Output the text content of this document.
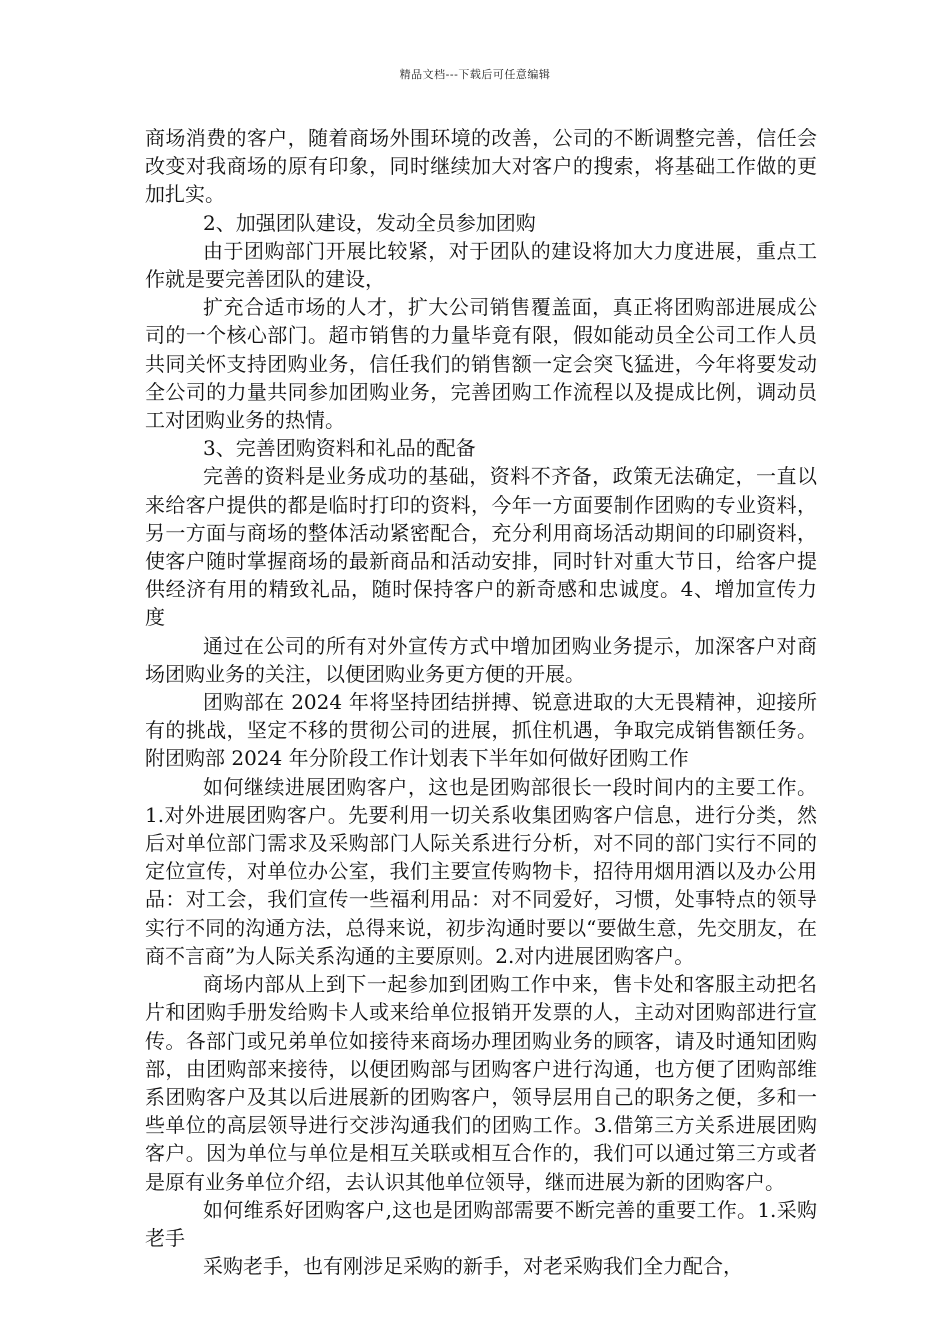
精品文档---下载后可任意编辑

商场消费的客户，随着商场外围环境的改善，公司的不断调整完善，信任会改变对我商场的原有印象，同时继续加大对客户的搜索，将基础工作做的更加扎实。

2、加强团队建设，发动全员参加团购

由于团购部门开展比较紧，对于团队的建设将加大力度进展，重点工作就是要完善团队的建设，

扩充合适市场的人才，扩大公司销售覆盖面，真正将团购部进展成公司的一个核心部门。超市销售的力量毕竟有限，假如能动员全公司工作人员共同关怀支持团购业务，信任我们的销售额一定会突飞猛进，今年将要发动全公司的力量共同参加团购业务，完善团购工作流程以及提成比例，调动员工对团购业务的热情。

3、完善团购资料和礼品的配备

完善的资料是业务成功的基础，资料不齐备，政策无法确定，一直以来给客户提供的都是临时打印的资料，今年一方面要制作团购的专业资料，另一方面与商场的整体活动紧密配合，充分利用商场活动期间的印刷资料，使客户随时掌握商场的最新商品和活动安排，同时针对重大节日，给客户提供经济有用的精致礼品，随时保持客户的新奇感和忠诚度。4、增加宣传力度

通过在公司的所有对外宣传方式中增加团购业务提示，加深客户对商场团购业务的关注，以便团购业务更方便的开展。

团购部在 2024 年将坚持团结拼搏、锐意进取的大无畏精神，迎接所有的挑战，坚定不移的贯彻公司的进展，抓住机遇，争取完成销售额任务。附团购部 2024 年分阶段工作计划表下半年如何做好团购工作

如何继续进展团购客户，这也是团购部很长一段时间内的主要工作。1.对外进展团购客户。先要利用一切关系收集团购客户信息，进行分类，然后对单位部门需求及采购部门人际关系进行分析，对不同的部门实行不同的定位宣传，对单位办公室，我们主要宣传购物卡，招待用烟用酒以及办公用品：对工会，我们宣传一些福利用品：对不同爱好，习惯，处事特点的领导实行不同的沟通方法，总得来说，初步沟通时要以“要做生意，先交朋友，在商不言商”为人际关系沟通的主要原则。2.对内进展团购客户。

商场内部从上到下一起参加到团购工作中来，售卡处和客服主动把名片和团购手册发给购卡人或来给单位报销开发票的人，主动对团购部进行宣传。各部门或兄弟单位如接待来商场办理团购业务的顾客，请及时通知团购部，由团购部来接待，以便团购部与团购客户进行沟通，也方便了团购部维系团购客户及其以后进展新的团购客户，领导层用自己的职务之便，多和一些单位的高层领导进行交涉沟通我们的团购工作。3.借第三方关系进展团购客户。因为单位与单位是相互关联或相互合作的，我们可以通过第三方或者是原有业务单位介绍，去认识其他单位领导，继而进展为新的团购客户。

如何维系好团购客户,这也是团购部需要不断完善的重要工作。1.采购老手

采购老手，也有刚涉足采购的新手，对老采购我们全力配合，
